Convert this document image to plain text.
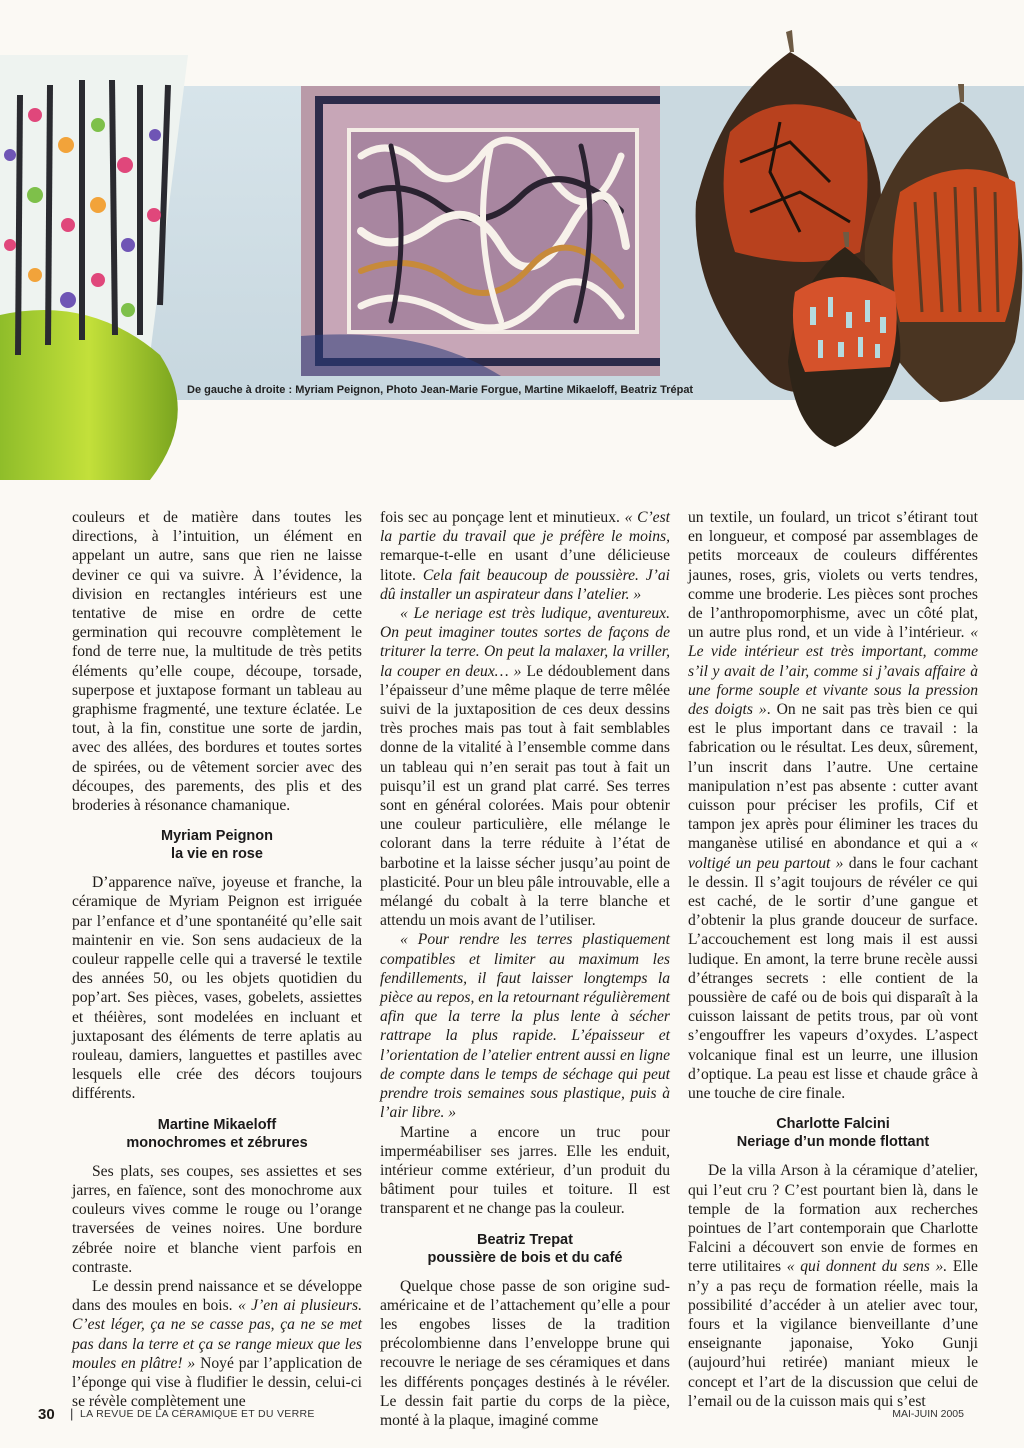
De gauche à droite : Myriam Peignon, Photo Jean-Marie Forgue, Martine Mikaeloff, Beatriz Trépat

couleurs et de matière dans toutes les directions, à l’intuition, un élément en appelant un autre, sans que rien ne laisse deviner ce qui va suivre. À l’évidence, la division en rectangles intérieurs est une tentative de mise en ordre de cette germination qui recouvre complètement le fond de terre nue, la multitude de très petits éléments qu’elle coupe, découpe, torsade, superpose et juxtapose formant un tableau au graphisme fragmenté, une texture éclatée. Le tout, à la fin, constitue une sorte de jardin, avec des allées, des bordures et toutes sortes de spirées, ou de vêtement sorcier avec des découpes, des parements, des plis et des broderies à résonance chamanique.

Myriam Peignon
la vie en rose

D’apparence naïve, joyeuse et franche, la céramique de Myriam Peignon est irriguée par l’enfance et d’une spontanéité qu’elle sait maintenir en vie. Son sens audacieux de la couleur rappelle celle qui a traversé le textile des années 50, ou les objets quotidien du pop’art. Ses pièces, vases, gobelets, assiettes et théières, sont modelées en incluant et juxtaposant des éléments de terre aplatis au rouleau, damiers, languettes et pastilles avec lesquels elle crée des décors toujours différents.

Martine Mikaeloff
monochromes et zébrures

Ses plats, ses coupes, ses assiettes et ses jarres, en faïence, sont des monochrome aux couleurs vives comme le rouge ou l’orange traversées de veines noires. Une bordure zébrée noire et blanche vient parfois en contraste.

Le dessin prend naissance et se développe dans des moules en bois. « J’en ai plusieurs. C’est léger, ça ne se casse pas, ça ne se met pas dans la terre et ça se range mieux que les moules en plâtre! » Noyé par l’application de l’éponge qui vise à fludifier le dessin, celui-ci se révèle complètement une

fois sec au ponçage lent et minutieux. « C’est la partie du travail que je préfère le moins, remarque-t-elle en usant d’une délicieuse litote. Cela fait beaucoup de poussière. J’ai dû installer un aspirateur dans l’atelier. »

« Le neriage est très ludique, aventureux. On peut imaginer toutes sortes de façons de triturer la terre. On peut la malaxer, la vriller, la couper en deux… » Le dédoublement dans l’épaisseur d’une même plaque de terre mêlée suivi de la juxtaposition de ces deux dessins très proches mais pas tout à fait semblables donne de la vitalité à l’ensemble comme dans un tableau qui n’en serait pas tout à fait un puisqu’il est un grand plat carré. Ses terres sont en général colorées. Mais pour obtenir une couleur particulière, elle mélange le colorant dans la terre réduite à l’état de barbotine et la laisse sécher jusqu’au point de plasticité. Pour un bleu pâle introuvable, elle a mélangé du cobalt à la terre blanche et attendu un mois avant de l’utiliser.

« Pour rendre les terres plastiquement compatibles et limiter au maximum les fendillements, il faut laisser longtemps la pièce au repos, en la retournant régulièrement afin que la terre la plus lente à sécher rattrape la plus rapide. L’épaisseur et l’orientation de l’atelier entrent aussi en ligne de compte dans le temps de séchage qui peut prendre trois semaines sous plastique, puis à l’air libre. »

Martine a encore un truc pour imperméabiliser ses jarres. Elle les enduit, intérieur comme extérieur, d’un produit du bâtiment pour tuiles et toiture. Il est transparent et ne change pas la couleur.

Beatriz Trepat
poussière de bois et du café

Quelque chose passe de son origine sud-américaine et de l’attachement qu’elle a pour les engobes lisses de la tradition précolombienne dans l’enveloppe brune qui recouvre le neriage de ses céramiques et dans les différents ponçages destinés à le révéler. Le dessin fait partie du corps de la pièce, monté à la plaque, imaginé comme

un textile, un foulard, un tricot s’étirant tout en longueur, et composé par assemblages de petits morceaux de couleurs différentes jaunes, roses, gris, violets ou verts tendres, comme une broderie. Les pièces sont proches de l’anthropomorphisme, avec un côté plat, un autre plus rond, et un vide à l’intérieur. « Le vide intérieur est très important, comme s’il y avait de l’air, comme si j’avais affaire à une forme souple et vivante sous la pression des doigts ». On ne sait pas très bien ce qui est le plus important dans ce travail : la fabrication ou le résultat. Les deux, sûrement, l’un inscrit dans l’autre. Une certaine manipulation n’est pas absente : cutter avant cuisson pour préciser les profils, Cif et tampon jex après pour éliminer les traces du manganèse utilisé en abondance et qui a « voltigé un peu partout » dans le four cachant le dessin. Il s’agit toujours de révéler ce qui est caché, de le sortir d’une gangue et d’obtenir la plus grande douceur de surface. L’accouchement est long mais il est aussi ludique. En amont, la terre brune recèle aussi d’étranges secrets : elle contient de la poussière de café ou de bois qui disparaît à la cuisson laissant de petits trous, par où vont s’engouffrer les vapeurs d’oxydes. L’aspect volcanique final est un leurre, une illusion d’optique. La peau est lisse et chaude grâce à une touche de cire finale.

Charlotte Falcini
Neriage d’un monde flottant

De la villa Arson à la céramique d’atelier, qui l’eut cru ? C’est pourtant bien là, dans le temple de la formation aux recherches pointues de l’art contemporain que Charlotte Falcini a découvert son envie de formes en terre utilitaires « qui donnent du sens ». Elle n’y a pas reçu de formation réelle, mais la possibilité d’accéder à un atelier avec tour, fours et la vigilance bienveillante d’une enseignante japonaise, Yoko Gunji (aujourd’hui retirée) maniant mieux le concept et l’art de la discussion que celui de l’email ou de la cuisson mais qui s’est

30 | LA REVUE DE LA CÉRAMIQUE ET DU VERRE	MAI-JUIN 2005
